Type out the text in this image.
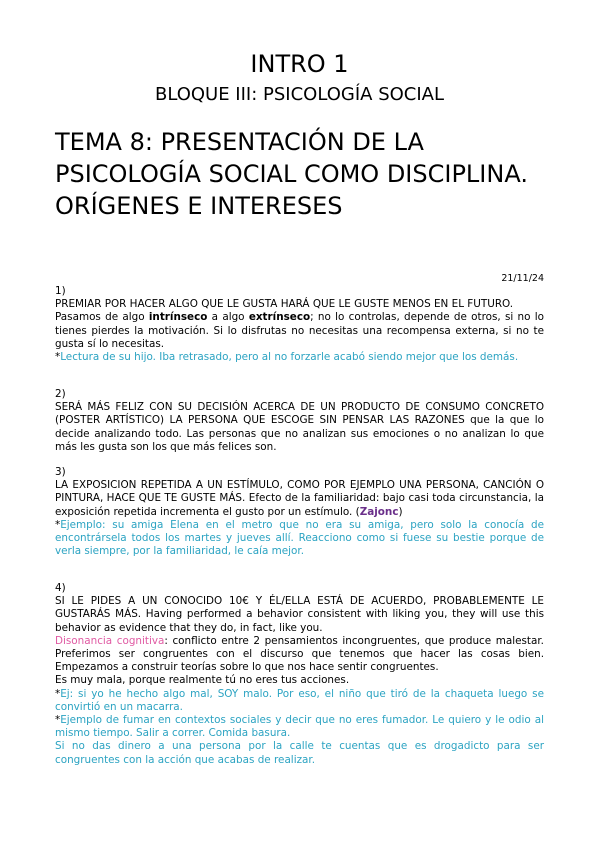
INTRO 1
BLOQUE III: PSICOLOGÍA SOCIAL
TEMA 8: PRESENTACIÓN DE LA PSICOLOGÍA SOCIAL COMO DISCIPLINA. ORÍGENES E INTERESES
21/11/24
1)

PREMIAR POR HACER ALGO QUE LE GUSTA HARÁ QUE LE GUSTE MENOS EN EL FUTURO.

Pasamos de algo intrínseco a algo extrínseco; no lo controlas, depende de otros, si no lo tienes pierdes la motivación. Si lo disfrutas no necesitas una recompensa externa, si no te gusta sí lo necesitas.

*Lectura de su hijo. Iba retrasado, pero al no forzarle acabó siendo mejor que los demás.

2)

SERÁ MÁS FELIZ CON SU DECISIÓN ACERCA DE UN PRODUCTO DE CONSUMO CONCRETO (POSTER ARTÍSTICO) LA PERSONA QUE ESCOGE SIN PENSAR LAS RAZONES que la que lo decide analizando todo. Las personas que no analizan sus emociones o no analizan lo que más les gusta son los que más felices son.

3)

LA EXPOSICION REPETIDA A UN ESTÍMULO, COMO POR EJEMPLO UNA PERSONA, CANCIÓN O PINTURA, HACE QUE TE GUSTE MÁS. Efecto de la familiaridad: bajo casi toda circunstancia, la exposición repetida incrementa el gusto por un estímulo. (Zajonc)

*Ejemplo: su amiga Elena en el metro que no era su amiga, pero solo la conocía de encontrársela todos los martes y jueves allí. Reacciono como si fuese su bestie porque de verla siempre, por la familiaridad, le caía mejor.

4)

SI LE PIDES A UN CONOCIDO 10€ Y ÉL/ELLA ESTÁ DE ACUERDO, PROBABLEMENTE LE GUSTARÁS MÁS. Having performed a behavior consistent with liking you, they will use this behavior as evidence that they do, in fact, like you.

Disonancia cognitiva: conflicto entre 2 pensamientos incongruentes, que produce malestar. Preferimos ser congruentes con el discurso que tenemos que hacer las cosas bien. Empezamos a construir teorías sobre lo que nos hace sentir congruentes.

Es muy mala, porque realmente tú no eres tus acciones.

*Ej: si yo he hecho algo mal, SOY malo. Por eso, el niño que tiró de la chaqueta luego se convirtió en un macarra.

*Ejemplo de fumar en contextos sociales y decir que no eres fumador. Le quiero y le odio al mismo tiempo. Salir a correr. Comida basura.

Si no das dinero a una persona por la calle te cuentas que es drogadicto para ser congruentes con la acción que acabas de realizar.
